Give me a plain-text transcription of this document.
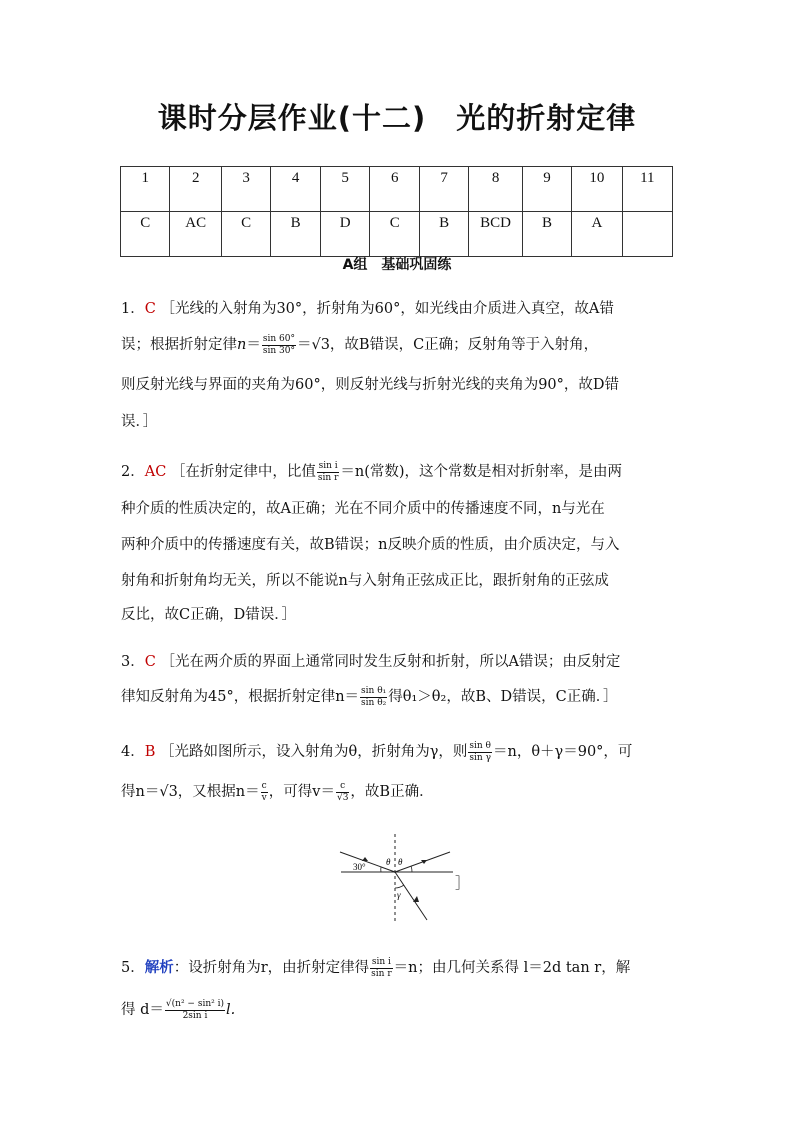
课时分层作业(十二)　光的折射定律
1	2	3	4	5	6	7	8	9	10	11
C	AC	C	B	D	C	B	BCD	B	A	
A组　基础巩固练
1．C ［光线的入射角为30°，折射角为60°，如光线由介质进入真空，故A错
误；根据折射定律$n= \frac{\sin 60^\circ}{\sin 30^\circ} =√3$，故B错误，C正确；反射角等于入射角，
则反射光线与界面的夹角为60°，则反射光线与折射光线的夹角为90°，故D错
误．］
2．AC ［在折射定律中，比值 $\frac{\text{sin i}}{\text{sin r}} =n$(常数)，这个常数是相对折射率，是由两
种介质的性质决定的，故A正确；光在不同介质中的传播速度不同，n与光在
两种介质中的传播速度有关，故B错误；n反映介质的性质，由介质决定，与入
射角和折射角均无关，所以不能说n与入射角正弦成正比，跟折射角的正弦成
反比，故C正确，D错误．］
3．C ［光在两介质的界面上通常同时发生反射和折射，所以A错误；由反射定
律知反射角为45°，根据折射定律$n= \frac{\text{sin θ₁}}{\text{sin θ₂}}$ 得θ₁＞θ₂，故B、D错误，C正确．］
4．B ［光路如图所示，设入射角为θ，折射角为γ，则 $\frac{\text{sin θ}}{\text{sin γ}} =n$，θ＋γ＝90°，可
得n＝√3，又根据$n= \frac{c}{v}$ ，可得$v= \frac{c}{√3}$ ，故B正确．
30° θ θ
γ
］
5．解析：设折射角为r，由折射定律得 $\frac{\text{sin i}}{\text{sin r}} =n$；由几何关系得 l＝2d tan r，解
得 $d= \frac{\text{√(n² − sin² i)}}{\text{2sin i}} l$.
